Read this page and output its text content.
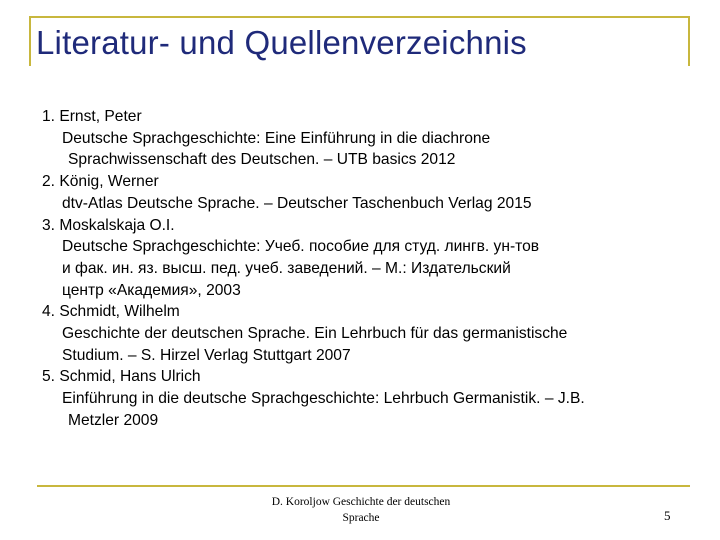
Literatur- und Quellenverzeichnis
1. Ernst, Peter
Deutsche Sprachgeschichte: Eine Einführung in die diachrone
Sprachwissenschaft des Deutschen. – UTB basics 2012
2. König, Werner
dtv-Atlas Deutsche Sprache. – Deutscher Taschenbuch Verlag 2015
3. Moskalskaja O.I.
Deutsche Sprachgeschichte: Учеб. пособие для студ. лингв. ун-тов
и фак. ин. яз. высш. пед. учеб. заведений. – М.: Издательский
центр «Академия», 2003
4. Schmidt, Wilhelm
Geschichte der deutschen Sprache. Ein Lehrbuch für das germanistische
Studium. – S. Hirzel Verlag Stuttgart 2007
5. Schmid, Hans Ulrich
Einführung in die deutsche Sprachgeschichte: Lehrbuch Germanistik. – J.B.
Metzler 2009
D. Koroljow Geschichte der deutschen
Sprache	5
